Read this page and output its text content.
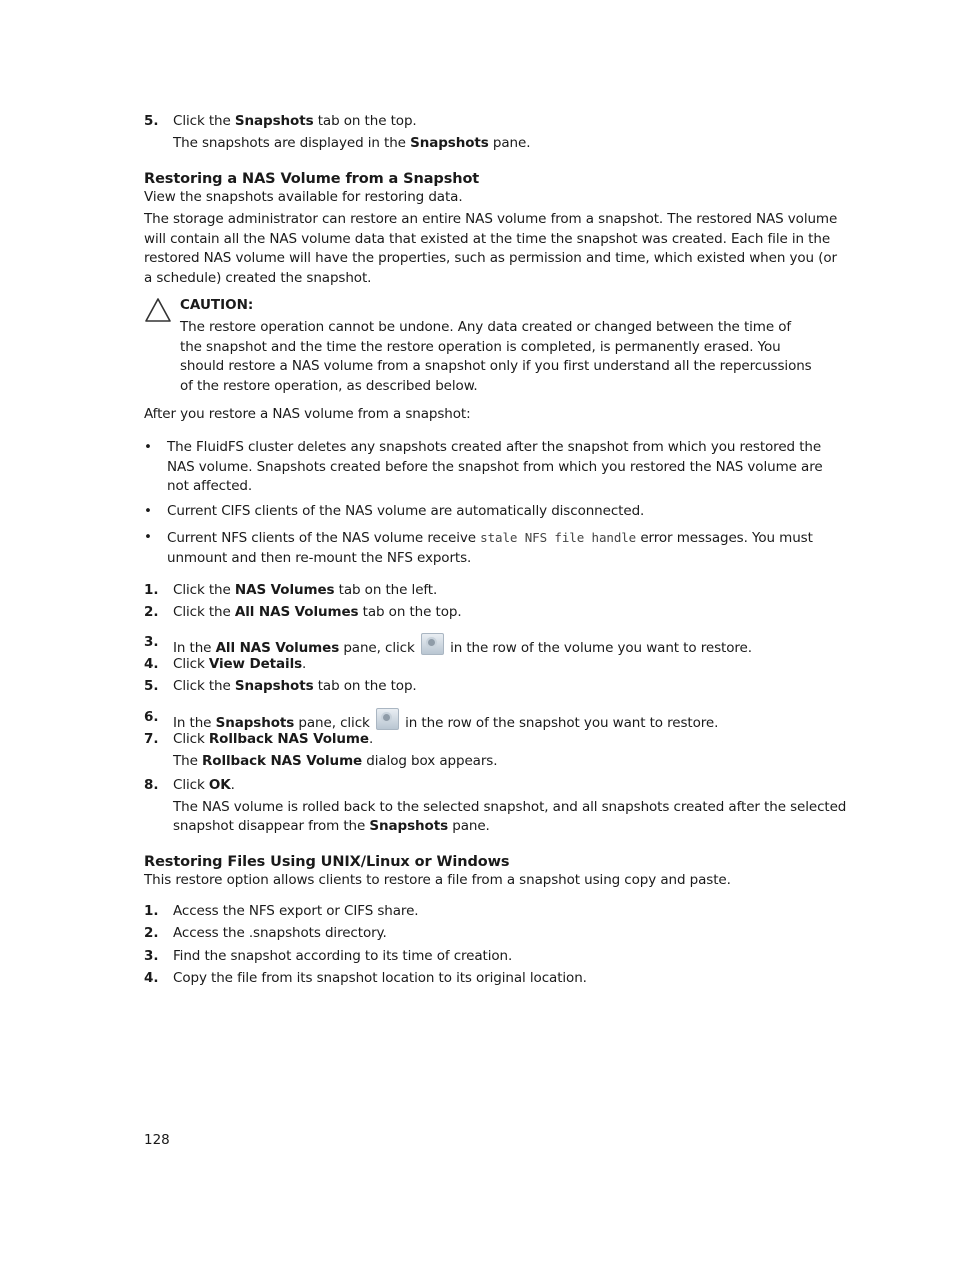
5. Click the Snapshots tab on the top.
The snapshots are displayed in the Snapshots pane.
Restoring a NAS Volume from a Snapshot
View the snapshots available for restoring data.
The storage administrator can restore an entire NAS volume from a snapshot. The restored NAS volume will contain all the NAS volume data that existed at the time the snapshot was created. Each file in the restored NAS volume will have the properties, such as permission and time, which existed when you (or a schedule) created the snapshot.
CAUTION:
The restore operation cannot be undone. Any data created or changed between the time of the snapshot and the time the restore operation is completed, is permanently erased. You should restore a NAS volume from a snapshot only if you first understand all the repercussions of the restore operation, as described below.
After you restore a NAS volume from a snapshot:
• The FluidFS cluster deletes any snapshots created after the snapshot from which you restored the NAS volume. Snapshots created before the snapshot from which you restored the NAS volume are not affected.
• Current CIFS clients of the NAS volume are automatically disconnected.
• Current NFS clients of the NAS volume receive stale NFS file handle error messages. You must unmount and then re-mount the NFS exports.
1. Click the NAS Volumes tab on the left.
2. Click the All NAS Volumes tab on the top.
3. In the All NAS Volumes pane, click  in the row of the volume you want to restore.
4. Click View Details.
5. Click the Snapshots tab on the top.
6. In the Snapshots pane, click  in the row of the snapshot you want to restore.
7. Click Rollback NAS Volume.
The Rollback NAS Volume dialog box appears.
8. Click OK.
The NAS volume is rolled back to the selected snapshot, and all snapshots created after the selected
snapshot disappear from the Snapshots pane.
Restoring Files Using UNIX/Linux or Windows
This restore option allows clients to restore a file from a snapshot using copy and paste.
1. Access the NFS export or CIFS share.
2. Access the .snapshots directory.
3. Find the snapshot according to its time of creation.
4. Copy the file from its snapshot location to its original location.
128
